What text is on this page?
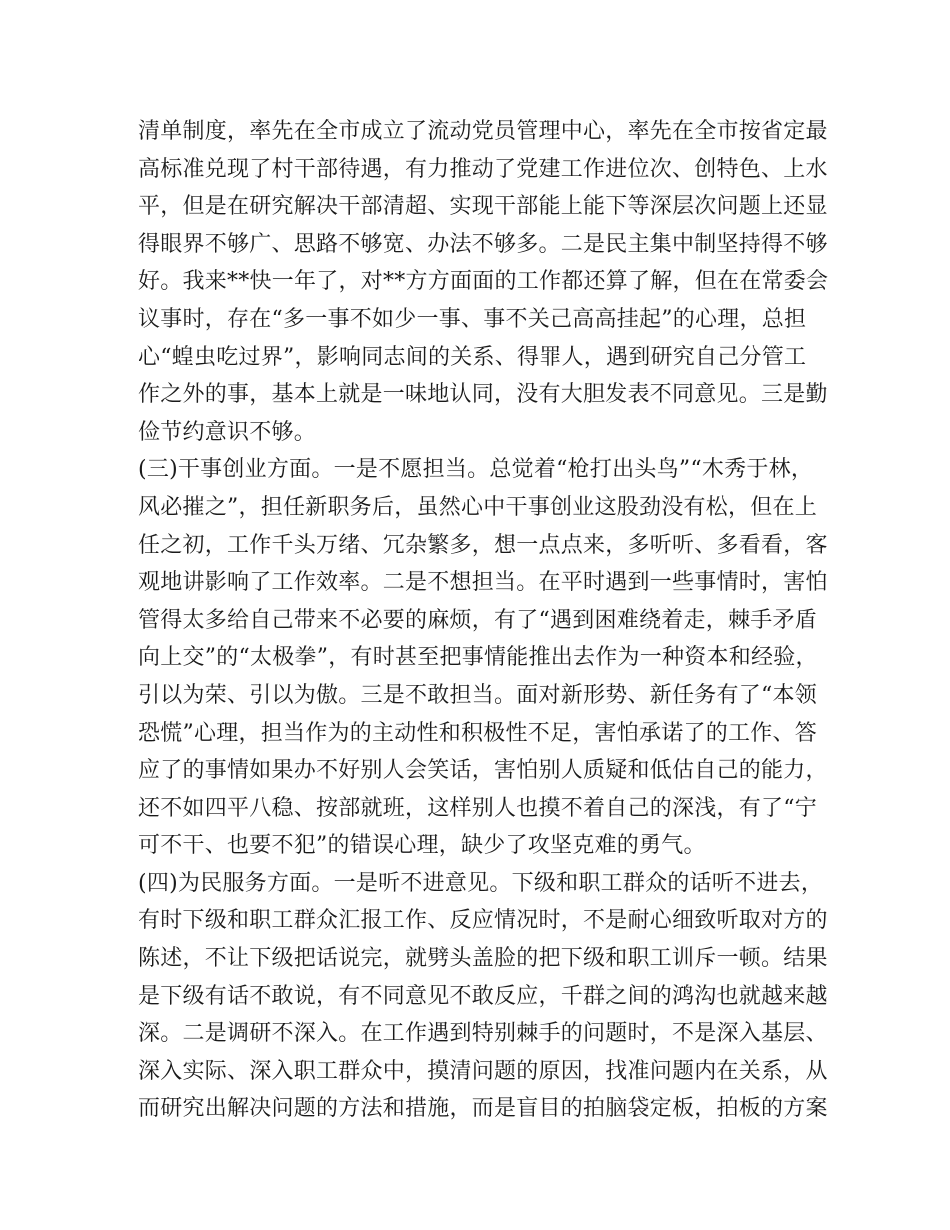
清单制度，率先在全市成立了流动党员管理中心，率先在全市按省定最
高标准兑现了村干部待遇，有力推动了党建工作进位次、创特色、上水
平，但是在研究解决干部清超、实现干部能上能下等深层次问题上还显
得眼界不够广、思路不够宽、办法不够多。二是民主集中制坚持得不够
好。我来**快一年了，对**方方面面的工作都还算了解，但在在常委会
议事时，存在“多一事不如少一事、事不关己高高挂起”的心理，总担
心“蝗虫吃过界”，影响同志间的关系、得罪人，遇到研究自己分管工
作之外的事，基本上就是一味地认同，没有大胆发表不同意见。三是勤
俭节约意识不够。
(三)干事创业方面。一是不愿担当。总觉着“枪打出头鸟”“木秀于林，
风必摧之”，担任新职务后，虽然心中干事创业这股劲没有松，但在上
任之初，工作千头万绪、冗杂繁多，想一点点来，多听听、多看看，客
观地讲影响了工作效率。二是不想担当。在平时遇到一些事情时，害怕
管得太多给自己带来不必要的麻烦，有了“遇到困难绕着走，棘手矛盾
向上交”的“太极拳”，有时甚至把事情能推出去作为一种资本和经验，
引以为荣、引以为傲。三是不敢担当。面对新形势、新任务有了“本领
恐慌”心理，担当作为的主动性和积极性不足，害怕承诺了的工作、答
应了的事情如果办不好别人会笑话，害怕别人质疑和低估自己的能力，
还不如四平八稳、按部就班，这样别人也摸不着自己的深浅，有了“宁
可不干、也要不犯”的错误心理，缺少了攻坚克难的勇气。
(四)为民服务方面。一是听不进意见。下级和职工群众的话听不进去，
有时下级和职工群众汇报工作、反应情况时，不是耐心细致听取对方的
陈述，不让下级把话说完，就劈头盖脸的把下级和职工训斥一顿。结果
是下级有话不敢说，有不同意见不敢反应，千群之间的鸿沟也就越来越
深。二是调研不深入。在工作遇到特别棘手的问题时，不是深入基层、
深入实际、深入职工群众中，摸清问题的原因，找准问题内在关系，从
而研究出解决问题的方法和措施，而是盲目的拍脑袋定板，拍板的方案
